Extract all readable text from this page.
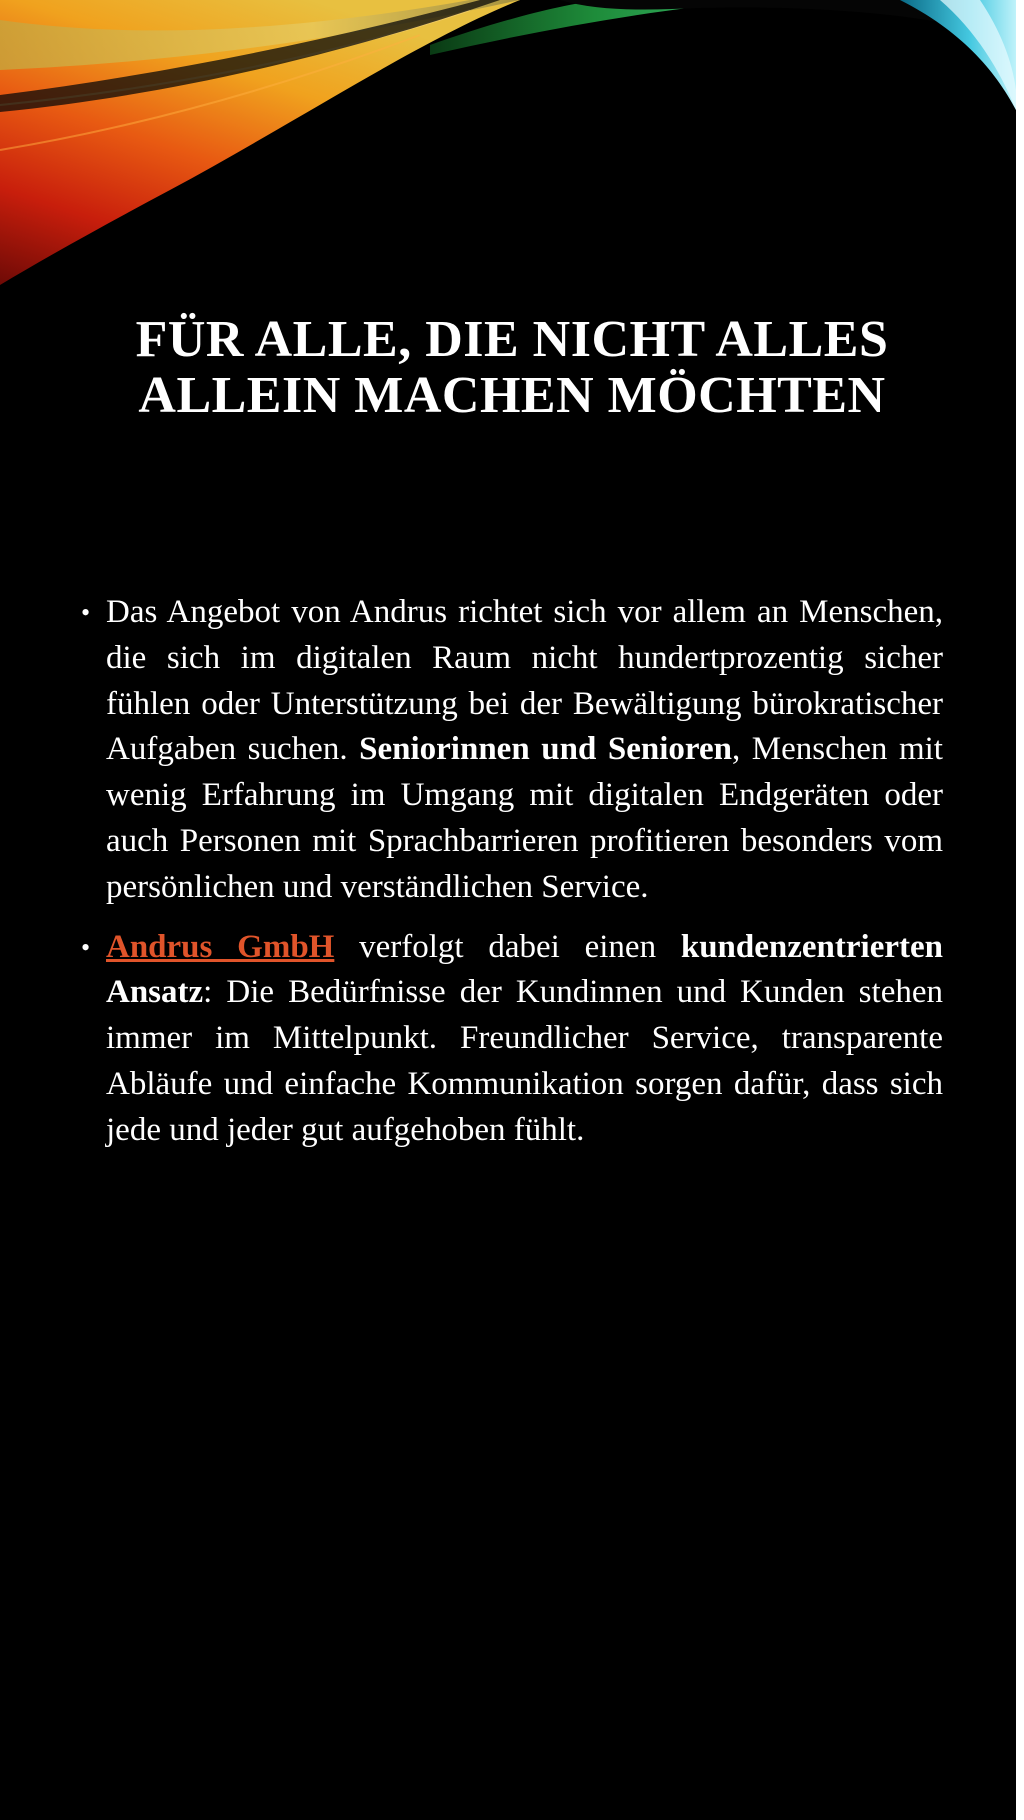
FÜR ALLE, DIE NICHT ALLES
ALLEIN MACHEN MÖCHTEN
• Das Angebot von Andrus richtet sich vor allem an Menschen, die sich im digitalen Raum nicht hundertprozentig sicher fühlen oder Unterstützung bei der Bewältigung bürokratischer Aufgaben suchen. Seniorinnen und Senioren, Menschen mit wenig Erfahrung im Umgang mit digitalen Endgeräten oder auch Personen mit Sprachbarrieren profitieren besonders vom persönlichen und verständlichen Service.
• Andrus GmbH verfolgt dabei einen kundenzentrierten Ansatz: Die Bedürfnisse der Kundinnen und Kunden stehen immer im Mittelpunkt. Freundlicher Service, transparente Abläufe und einfache Kommunikation sorgen dafür, dass sich jede und jeder gut aufgehoben fühlt.
